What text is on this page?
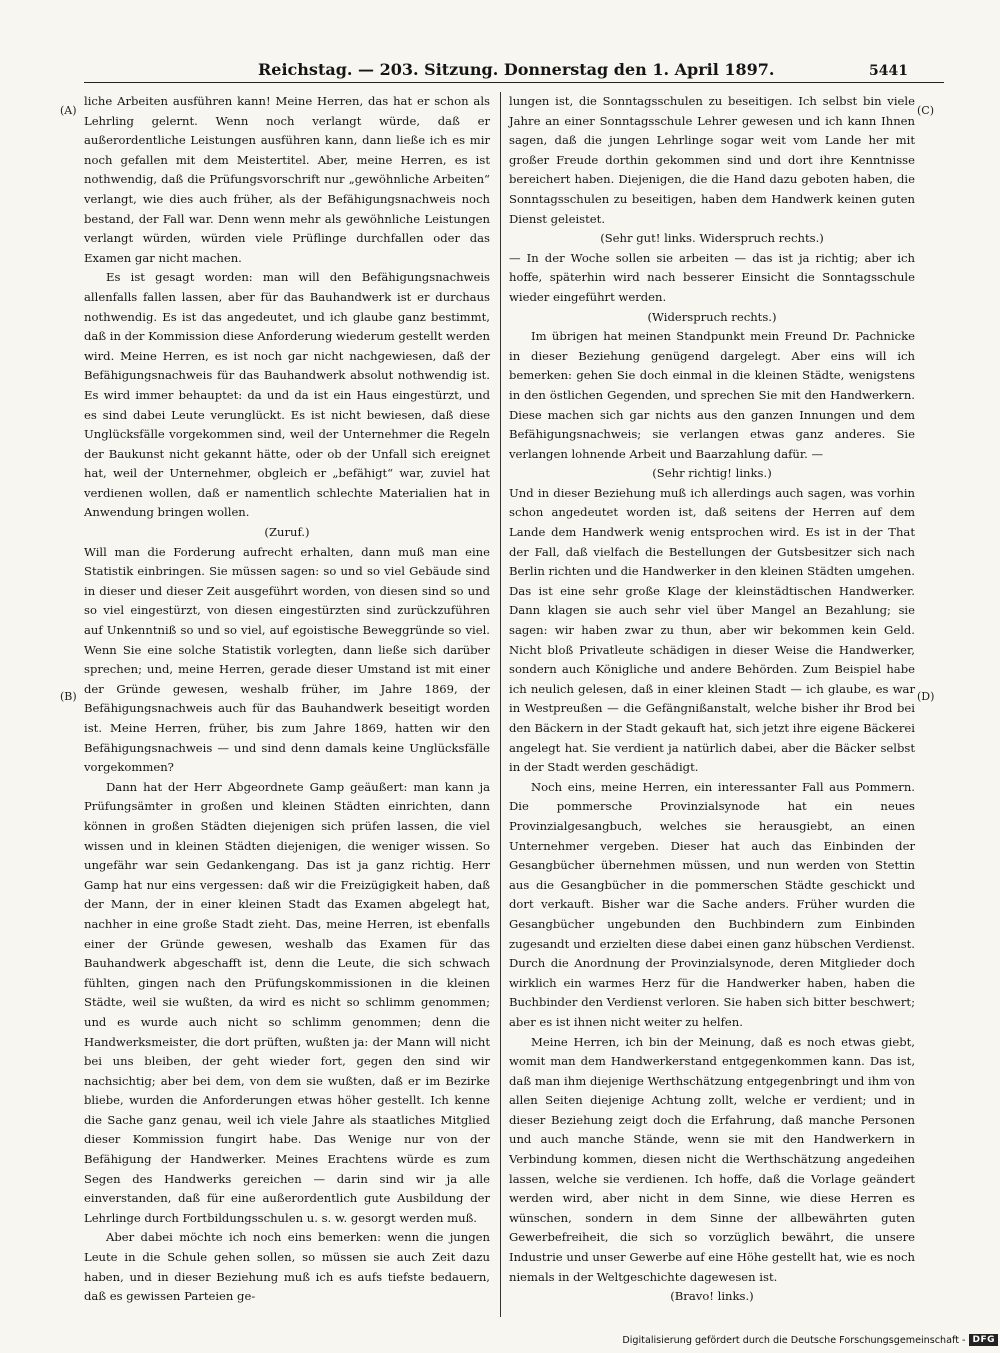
Reichstag. — 203. Sitzung. Donnerstag den 1. April 1897.	5441
(A)
(B)
(C)
(D)

liche Arbeiten ausführen kann! Meine Herren, das hat er schon als Lehrling gelernt. Wenn noch verlangt würde, daß er außerordentliche Leistungen ausführen kann, dann ließe ich es mir noch gefallen mit dem Meistertitel. Aber, meine Herren, es ist nothwendig, daß die Prüfungsvorschrift nur „gewöhnliche Arbeiten“ verlangt, wie dies auch früher, als der Befähigungsnachweis noch bestand, der Fall war. Denn wenn mehr als gewöhnliche Leistungen verlangt würden, würden viele Prüflinge durchfallen oder das Examen gar nicht machen.

Es ist gesagt worden: man will den Befähigungsnachweis allenfalls fallen lassen, aber für das Bauhandwerk ist er durchaus nothwendig. Es ist das angedeutet, und ich glaube ganz bestimmt, daß in der Kommission diese Anforderung wiederum gestellt werden wird. Meine Herren, es ist noch gar nicht nachgewiesen, daß der Befähigungsnachweis für das Bauhandwerk absolut nothwendig ist. Es wird immer behauptet: da und da ist ein Haus eingestürzt, und es sind dabei Leute verunglückt. Es ist nicht bewiesen, daß diese Unglücksfälle vorgekommen sind, weil der Unternehmer die Regeln der Baukunst nicht gekannt hätte, oder ob der Unfall sich ereignet hat, weil der Unternehmer, obgleich er „befähigt“ war, zuviel hat verdienen wollen, daß er namentlich schlechte Materialien hat in Anwendung bringen wollen.

(Zuruf.)

Will man die Forderung aufrecht erhalten, dann muß man eine Statistik einbringen. Sie müssen sagen: so und so viel Gebäude sind in dieser und dieser Zeit ausgeführt worden, von diesen sind so und so viel eingestürzt, von diesen eingestürzten sind zurückzuführen auf Unkenntniß so und so viel, auf egoistische Beweggründe so viel. Wenn Sie eine solche Statistik vorlegten, dann ließe sich darüber sprechen; und, meine Herren, gerade dieser Umstand ist mit einer der Gründe gewesen, weshalb früher, im Jahre 1869, der Befähigungsnachweis auch für das Bauhandwerk beseitigt worden ist. Meine Herren, früher, bis zum Jahre 1869, hatten wir den Befähigungsnachweis — und sind denn damals keine Unglücksfälle vorgekommen?

Dann hat der Herr Abgeordnete Gamp geäußert: man kann ja Prüfungsämter in großen und kleinen Städten einrichten, dann können in großen Städten diejenigen sich prüfen lassen, die viel wissen und in kleinen Städten diejenigen, die weniger wissen. So ungefähr war sein Gedankengang. Das ist ja ganz richtig. Herr Gamp hat nur eins vergessen: daß wir die Freizügigkeit haben, daß der Mann, der in einer kleinen Stadt das Examen abgelegt hat, nachher in eine große Stadt zieht. Das, meine Herren, ist ebenfalls einer der Gründe gewesen, weshalb das Examen für das Bauhandwerk abgeschafft ist, denn die Leute, die sich schwach fühlten, gingen nach den Prüfungskommissionen in die kleinen Städte, weil sie wußten, da wird es nicht so schlimm genommen; und es wurde auch nicht so schlimm genommen; denn die Handwerksmeister, die dort prüften, wußten ja: der Mann will nicht bei uns bleiben, der geht wieder fort, gegen den sind wir nachsichtig; aber bei dem, von dem sie wußten, daß er im Bezirke bliebe, wurden die Anforderungen etwas höher gestellt. Ich kenne die Sache ganz genau, weil ich viele Jahre als staatliches Mitglied dieser Kommission fungirt habe. Das Wenige nur von der Befähigung der Handwerker. Meines Erachtens würde es zum Segen des Handwerks gereichen — darin sind wir ja alle einverstanden, daß für eine außerordentlich gute Ausbildung der Lehrlinge durch Fortbildungsschulen u. s. w. gesorgt werden muß.

Aber dabei möchte ich noch eins bemerken: wenn die jungen Leute in die Schule gehen sollen, so müssen sie auch Zeit dazu haben, und in dieser Beziehung muß ich es aufs tiefste bedauern, daß es gewissen Parteien ge-

lungen ist, die Sonntagsschulen zu beseitigen. Ich selbst bin viele Jahre an einer Sonntagsschule Lehrer gewesen und ich kann Ihnen sagen, daß die jungen Lehrlinge sogar weit vom Lande her mit großer Freude dorthin gekommen sind und dort ihre Kenntnisse bereichert haben. Diejenigen, die die Hand dazu geboten haben, die Sonntagsschulen zu beseitigen, haben dem Handwerk keinen guten Dienst geleistet.

(Sehr gut! links. Widerspruch rechts.)

— In der Woche sollen sie arbeiten — das ist ja richtig; aber ich hoffe, späterhin wird nach besserer Einsicht die Sonntagsschule wieder eingeführt werden.

(Widerspruch rechts.)

Im übrigen hat meinen Standpunkt mein Freund Dr. Pachnicke in dieser Beziehung genügend dargelegt. Aber eins will ich bemerken: gehen Sie doch einmal in die kleinen Städte, wenigstens in den östlichen Gegenden, und sprechen Sie mit den Handwerkern. Diese machen sich gar nichts aus den ganzen Innungen und dem Befähigungsnachweis; sie verlangen etwas ganz anderes. Sie verlangen lohnende Arbeit und Baarzahlung dafür. —

(Sehr richtig! links.)

Und in dieser Beziehung muß ich allerdings auch sagen, was vorhin schon angedeutet worden ist, daß seitens der Herren auf dem Lande dem Handwerk wenig entsprochen wird. Es ist in der That der Fall, daß vielfach die Bestellungen der Gutsbesitzer sich nach Berlin richten und die Handwerker in den kleinen Städten umgehen. Das ist eine sehr große Klage der kleinstädtischen Handwerker. Dann klagen sie auch sehr viel über Mangel an Bezahlung; sie sagen: wir haben zwar zu thun, aber wir bekommen kein Geld. Nicht bloß Privatleute schädigen in dieser Weise die Handwerker, sondern auch Königliche und andere Behörden. Zum Beispiel habe ich neulich gelesen, daß in einer kleinen Stadt — ich glaube, es war in Westpreußen — die Gefängnißanstalt, welche bisher ihr Brod bei den Bäckern in der Stadt gekauft hat, sich jetzt ihre eigene Bäckerei angelegt hat. Sie verdient ja natürlich dabei, aber die Bäcker selbst in der Stadt werden geschädigt.

Noch eins, meine Herren, ein interessanter Fall aus Pommern. Die pommersche Provinzialsynode hat ein neues Provinzialgesangbuch, welches sie herausgiebt, an einen Unternehmer vergeben. Dieser hat auch das Einbinden der Gesangbücher übernehmen müssen, und nun werden von Stettin aus die Gesangbücher in die pommerschen Städte geschickt und dort verkauft. Bisher war die Sache anders. Früher wurden die Gesangbücher ungebunden den Buchbindern zum Einbinden zugesandt und erzielten diese dabei einen ganz hübschen Verdienst. Durch die Anordnung der Provinzialsynode, deren Mitglieder doch wirklich ein warmes Herz für die Handwerker haben, haben die Buchbinder den Verdienst verloren. Sie haben sich bitter beschwert; aber es ist ihnen nicht weiter zu helfen.

Meine Herren, ich bin der Meinung, daß es noch etwas giebt, womit man dem Handwerkerstand entgegenkommen kann. Das ist, daß man ihm diejenige Werthschätzung entgegenbringt und ihm von allen Seiten diejenige Achtung zollt, welche er verdient; und in dieser Beziehung zeigt doch die Erfahrung, daß manche Personen und auch manche Stände, wenn sie mit den Handwerkern in Verbindung kommen, diesen nicht die Werthschätzung angedeihen lassen, welche sie verdienen. Ich hoffe, daß die Vorlage geändert werden wird, aber nicht in dem Sinne, wie diese Herren es wünschen, sondern in dem Sinne der allbewährten guten Gewerbefreiheit, die sich so vorzüglich bewährt, die unsere Industrie und unser Gewerbe auf eine Höhe gestellt hat, wie es noch niemals in der Weltgeschichte dagewesen ist.

(Bravo! links.)

Digitalisierung gefördert durch die Deutsche Forschungsgemeinschaft - DFG
